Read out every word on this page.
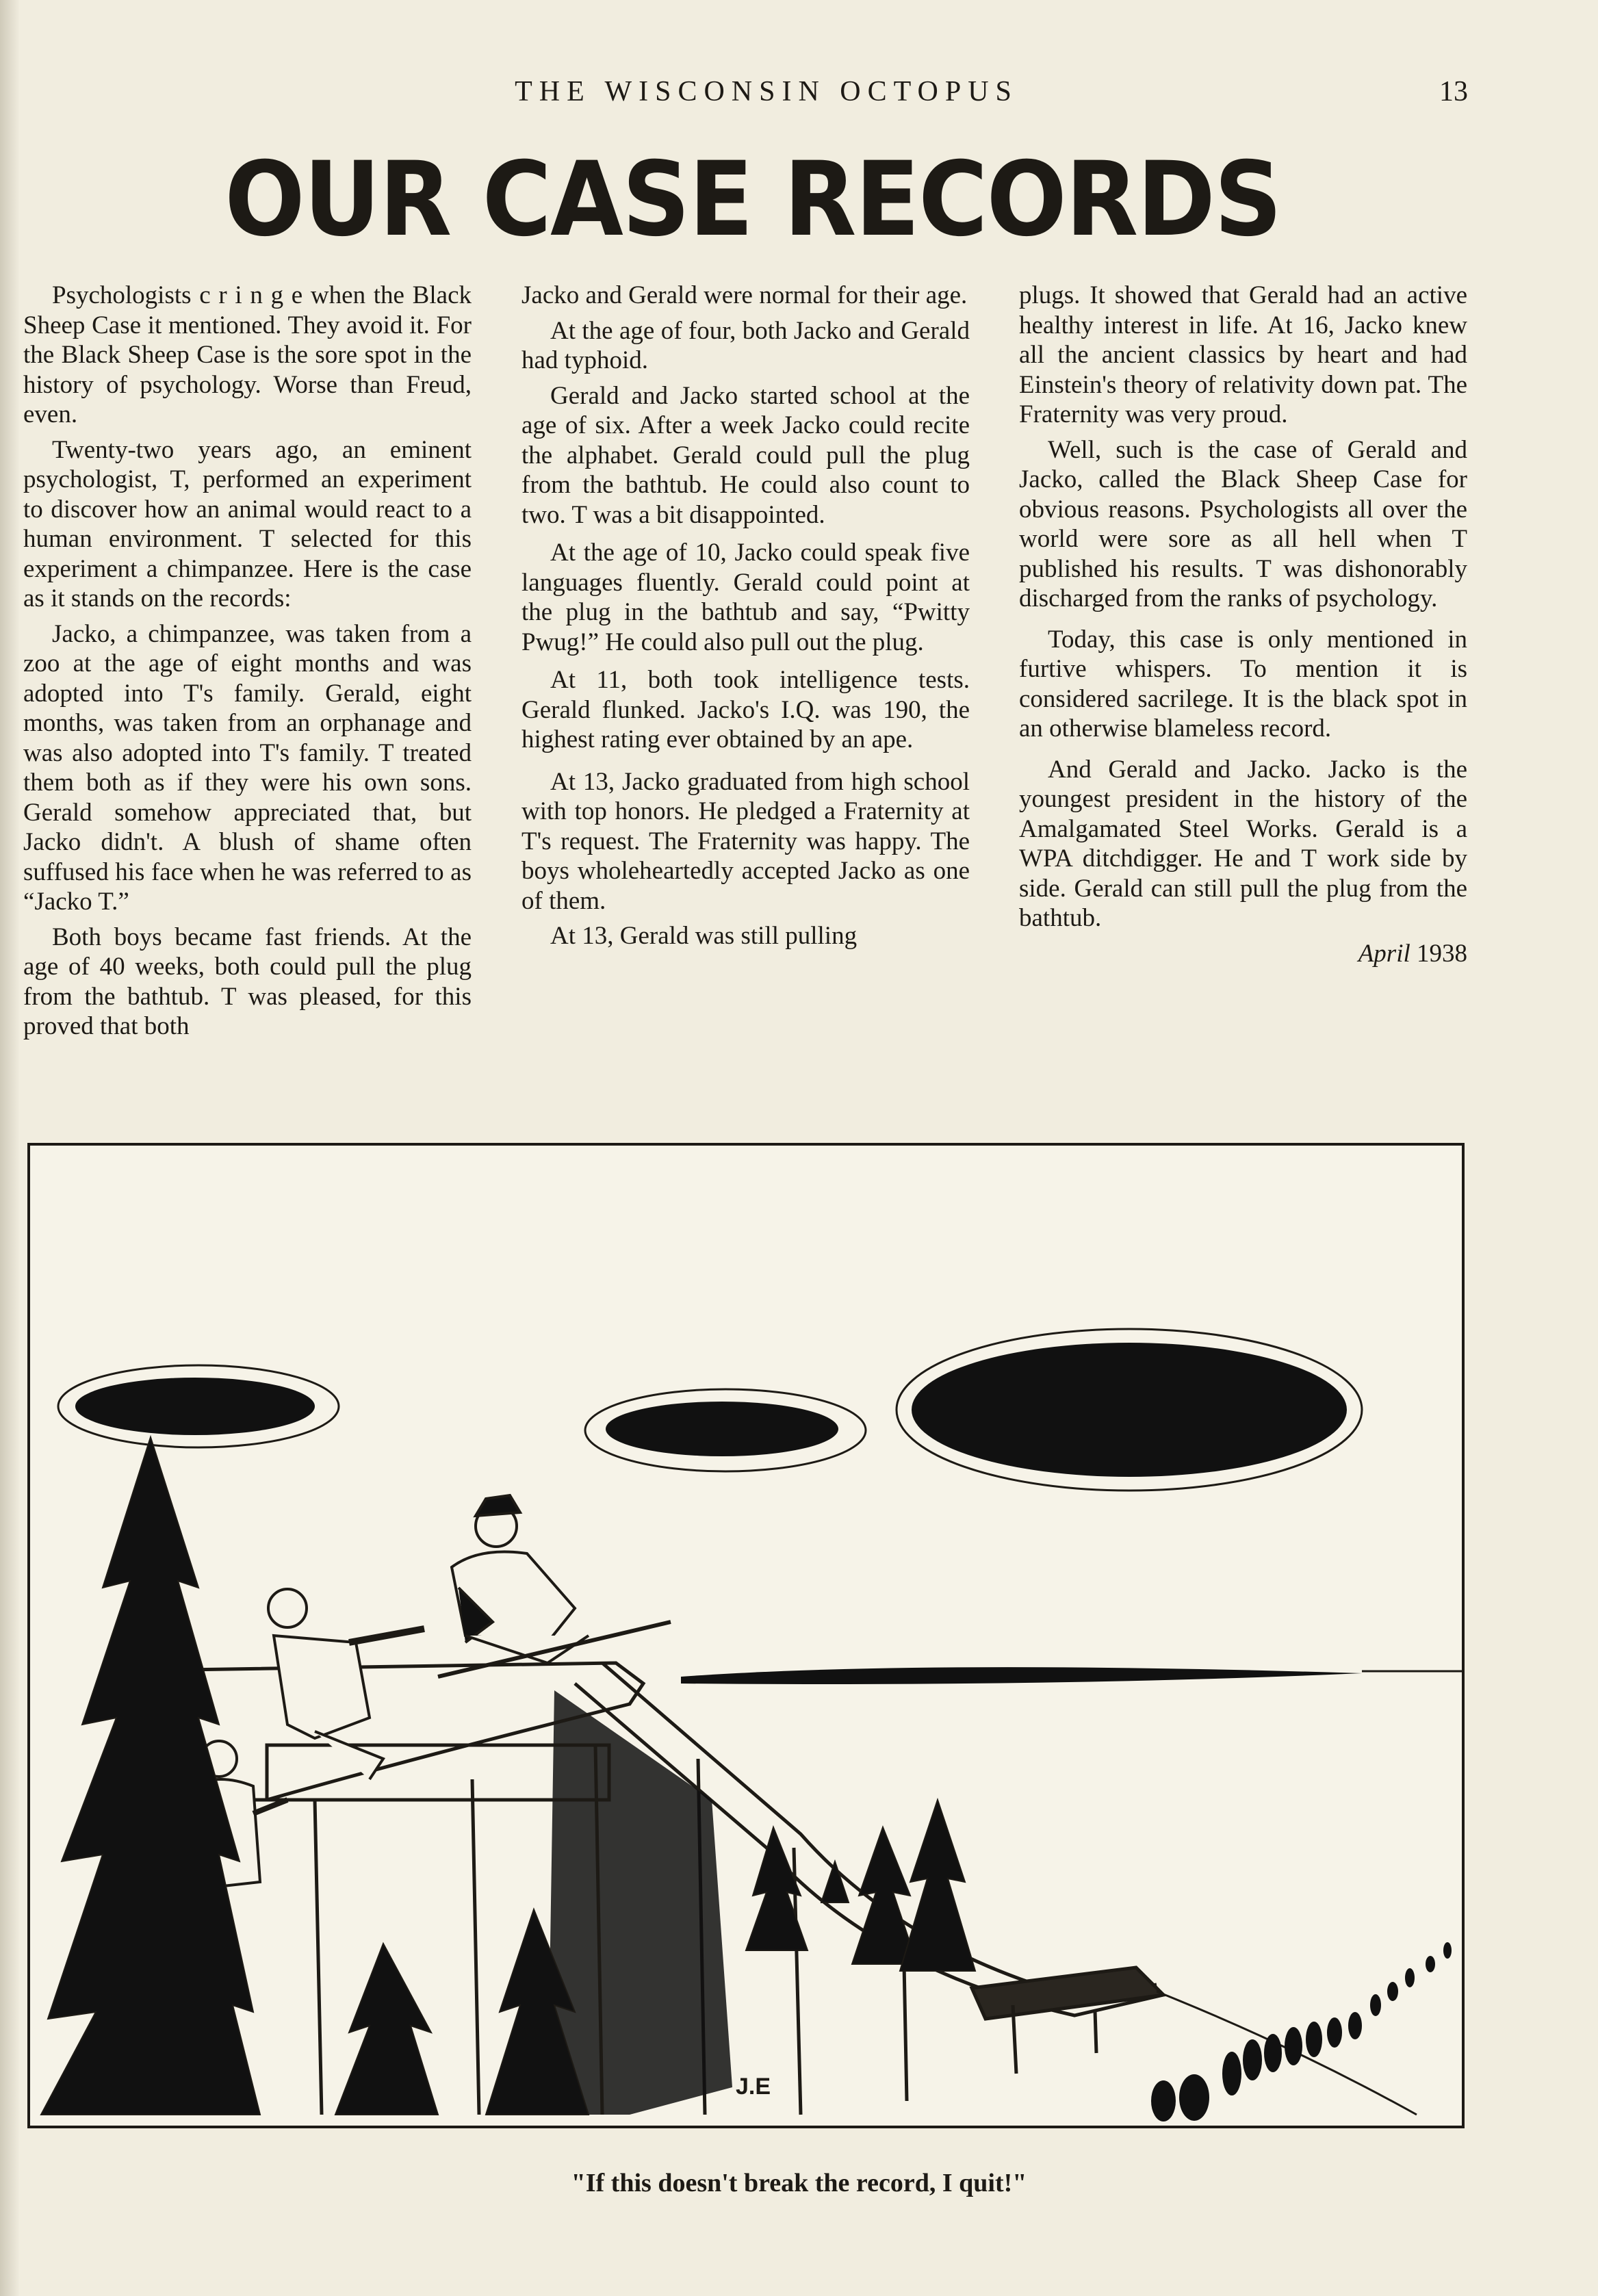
THE WISCONSIN OCTOPUS	13
OUR CASE RECORDS

Psychologists c r i n g e when the Black Sheep Case it mentioned. They avoid it. For the Black Sheep Case is the sore spot in the history of psychology. Worse than Freud, even.

Twenty-two years ago, an eminent psychologist, T, performed an experiment to discover how an animal would react to a human environment. T selected for this experiment a chimpanzee. Here is the case as it stands on the records:

Jacko, a chimpanzee, was taken from a zoo at the age of eight months and was adopted into T's family. Gerald, eight months, was taken from an orphanage and was also adopted into T's family. T treated them both as if they were his own sons. Gerald somehow appreciated that, but Jacko didn't. A blush of shame often suffused his face when he was referred to as “Jacko T.”

Both boys became fast friends. At the age of 40 weeks, both could pull the plug from the bathtub. T was pleased, for this proved that both

Jacko and Gerald were normal for their age.

At the age of four, both Jacko and Gerald had typhoid.

Gerald and Jacko started school at the age of six. After a week Jacko could recite the alphabet. Gerald could pull the plug from the bathtub. He could also count to two. T was a bit disappointed.

At the age of 10, Jacko could speak five languages fluently. Gerald could point at the plug in the bathtub and say, “Pwitty Pwug!” He could also pull out the plug.

At 11, both took intelligence tests. Gerald flunked. Jacko's I.Q. was 190, the highest rating ever obtained by an ape.

At 13, Jacko graduated from high school with top honors. He pledged a Fraternity at T's request. The Fraternity was happy. The boys wholeheartedly accepted Jacko as one of them.

At 13, Gerald was still pulling

plugs. It showed that Gerald had an active healthy interest in life. At 16, Jacko knew all the ancient classics by heart and had Einstein's theory of relativity down pat. The Fraternity was very proud.

Well, such is the case of Gerald and Jacko, called the Black Sheep Case for obvious reasons. Psychologists all over the world were sore as all hell when T published his results. T was dishonorably discharged from the ranks of psychology.

Today, this case is only mentioned in furtive whispers. To mention it is considered sacrilege. It is the black spot in an otherwise blameless record.

And Gerald and Jacko. Jacko is the youngest president in the history of the Amalgamated Steel Works. Gerald is a WPA ditchdigger. He and T work side by side. Gerald can still pull the plug from the bathtub.

April 1938
J.E
"If this doesn't break the record, I quit!"
